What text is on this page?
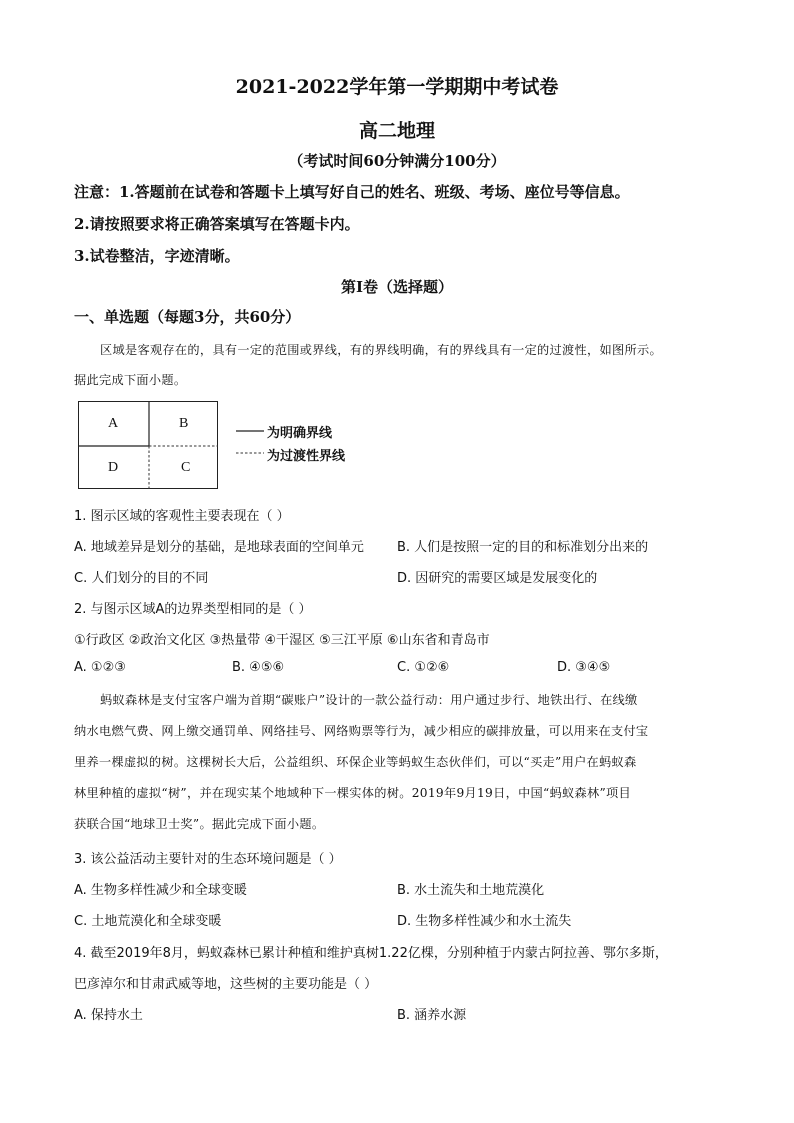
2021-2022学年第一学期期中考试卷
高二地理
（考试时间60分钟满分100分）
注意：1.答题前在试卷和答题卡上填写好自己的姓名、班级、考场、座位号等信息。
2.请按照要求将正确答案填写在答题卡内。
3.试卷整洁，字迹清晰。
第Ⅰ卷（选择题）
一、单选题（每题3分，共60分）
区域是客观存在的，具有一定的范围或界线，有的界线明确，有的界线具有一定的过渡性，如图所示。
据此完成下面小题。
A	B
D	C
为明确界线
为过渡性界线
1. 图示区域的客观性主要表现在（ ）
A. 地域差异是划分的基础，是地球表面的空间单元	B. 人们是按照一定的目的和标准划分出来的
C. 人们划分的目的不同	D. 因研究的需要区域是发展变化的
2. 与图示区域A的边界类型相同的是（ ）
①行政区 ②政治文化区 ③热量带 ④干湿区 ⑤三江平原 ⑥山东省和青岛市
A. ①②③	B. ④⑤⑥	C. ①②⑥	D. ③④⑤
蚂蚁森林是支付宝客户端为首期“碳账户”设计的一款公益行动：用户通过步行、地铁出行、在线缴
纳水电燃气费、网上缴交通罚单、网络挂号、网络购票等行为，减少相应的碳排放量，可以用来在支付宝
里养一棵虚拟的树。这棵树长大后，公益组织、环保企业等蚂蚁生态伙伴们，可以“买走”用户在蚂蚁森
林里种植的虚拟“树”，并在现实某个地域种下一棵实体的树。2019年9月19日，中国“蚂蚁森林”项目
获联合国“地球卫士奖”。据此完成下面小题。
3. 该公益活动主要针对的生态环境问题是（ ）
A. 生物多样性减少和全球变暖	B. 水土流失和土地荒漠化
C. 土地荒漠化和全球变暖	D. 生物多样性减少和水土流失
4. 截至2019年8月，蚂蚁森林已累计种植和维护真树1.22亿棵，分别种植于内蒙古阿拉善、鄂尔多斯，
巴彦淖尔和甘肃武威等地，这些树的主要功能是（ ）
A. 保持水土	B. 涵养水源
